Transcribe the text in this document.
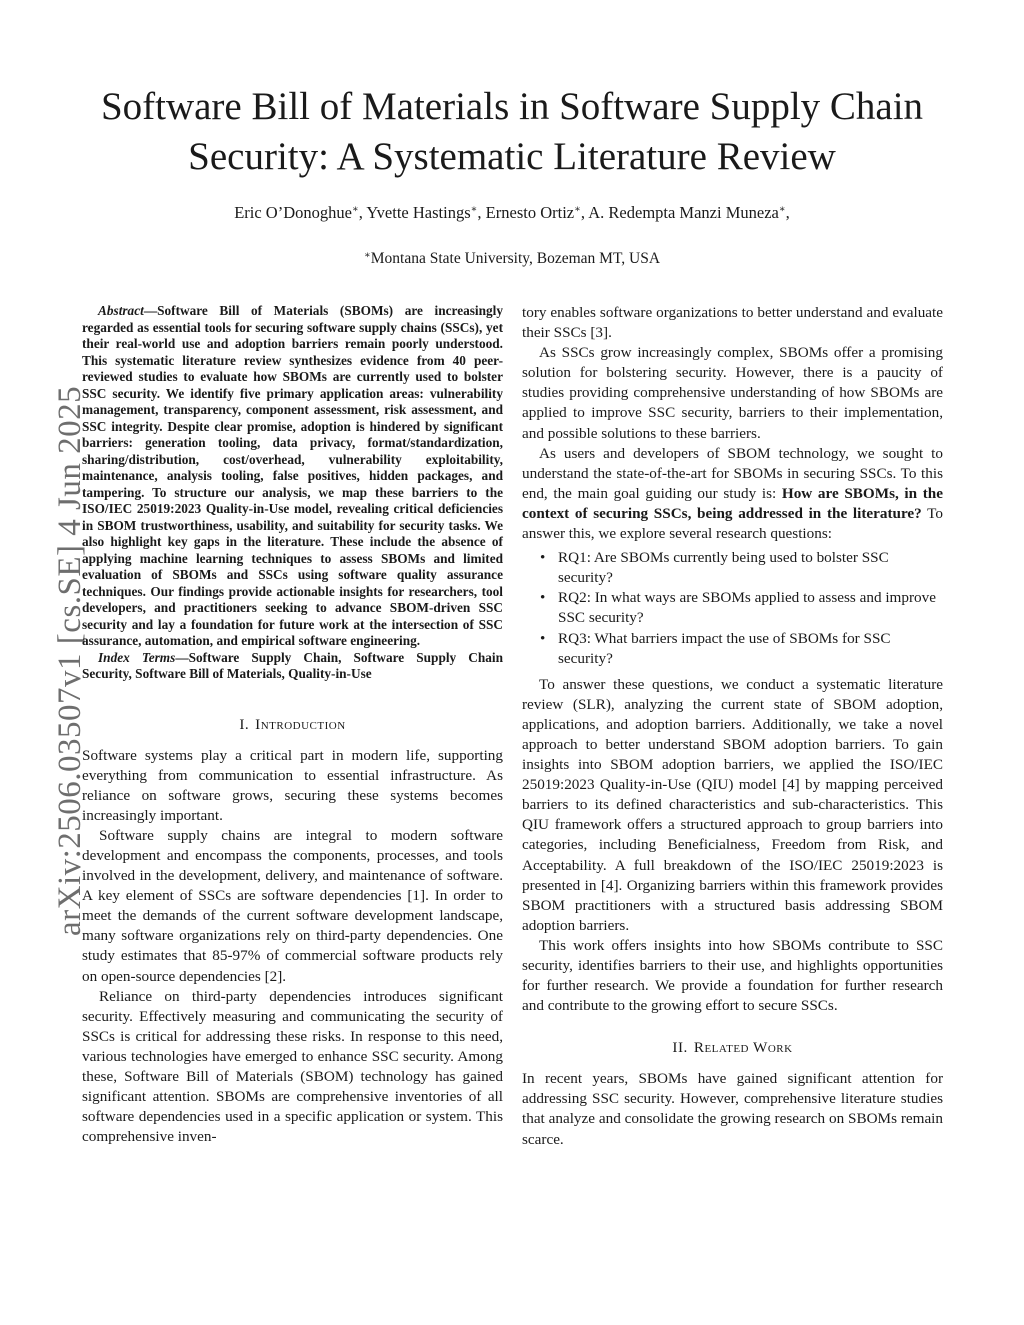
Software Bill of Materials in Software Supply Chain Security: A Systematic Literature Review
Eric O’Donoghue∗, Yvette Hastings∗, Ernesto Ortiz∗, A. Redempta Manzi Muneza∗,
∗Montana State University, Bozeman MT, USA
arXiv:2506.03507v1 [cs.SE] 4 Jun 2025

Abstract—Software Bill of Materials (SBOMs) are increasingly regarded as essential tools for securing software supply chains (SSCs), yet their real-world use and adoption barriers remain poorly understood. This systematic literature review synthesizes evidence from 40 peer-reviewed studies to evaluate how SBOMs are currently used to bolster SSC security. We identify five primary application areas: vulnerability management, transparency, component assessment, risk assessment, and SSC integrity. Despite clear promise, adoption is hindered by significant barriers: generation tooling, data privacy, format/standardization, sharing/distribution, cost/overhead, vulnerability exploitability, maintenance, analysis tooling, false positives, hidden packages, and tampering. To structure our analysis, we map these barriers to the ISO/IEC 25019:2023 Quality-in-Use model, revealing critical deficiencies in SBOM trustworthiness, usability, and suitability for security tasks. We also highlight key gaps in the literature. These include the absence of applying machine learning techniques to assess SBOMs and limited evaluation of SBOMs and SSCs using software quality assurance techniques. Our findings provide actionable insights for researchers, tool developers, and practitioners seeking to advance SBOM-driven SSC security and lay a foundation for future work at the intersection of SSC assurance, automation, and empirical software engineering.

Index Terms—Software Supply Chain, Software Supply Chain Security, Software Bill of Materials, Quality-in-Use

I. Introduction

Software systems play a critical part in modern life, supporting everything from communication to essential infrastructure. As reliance on software grows, securing these systems becomes increasingly important.

Software supply chains are integral to modern software development and encompass the components, processes, and tools involved in the development, delivery, and maintenance of software. A key element of SSCs are software dependencies [1]. In order to meet the demands of the current software development landscape, many software organizations rely on third-party dependencies. One study estimates that 85-97% of commercial software products rely on open-source dependencies [2].

Reliance on third-party dependencies introduces significant security. Effectively measuring and communicating the security of SSCs is critical for addressing these risks. In response to this need, various technologies have emerged to enhance SSC security. Among these, Software Bill of Materials (SBOM) technology has gained significant attention. SBOMs are comprehensive inventories of all software dependencies used in a specific application or system. This comprehensive inven-

tory enables software organizations to better understand and evaluate their SSCs [3].

As SSCs grow increasingly complex, SBOMs offer a promising solution for bolstering security. However, there is a paucity of studies providing comprehensive understanding of how SBOMs are applied to improve SSC security, barriers to their implementation, and possible solutions to these barriers.

As users and developers of SBOM technology, we sought to understand the state-of-the-art for SBOMs in securing SSCs. To this end, the main goal guiding our study is: How are SBOMs, in the context of securing SSCs, being addressed in the literature? To answer this, we explore several research questions:

• RQ1: Are SBOMs currently being used to bolster SSC security?
• RQ2: In what ways are SBOMs applied to assess and improve SSC security?
• RQ3: What barriers impact the use of SBOMs for SSC security?

To answer these questions, we conduct a systematic literature review (SLR), analyzing the current state of SBOM adoption, applications, and adoption barriers. Additionally, we take a novel approach to better understand SBOM adoption barriers. To gain insights into SBOM adoption barriers, we applied the ISO/IEC 25019:2023 Quality-in-Use (QIU) model [4] by mapping perceived barriers to its defined characteristics and sub-characteristics. This QIU framework offers a structured approach to group barriers into categories, including Beneficialness, Freedom from Risk, and Acceptability. A full breakdown of the ISO/IEC 25019:2023 is presented in [4]. Organizing barriers within this framework provides SBOM practitioners with a structured basis addressing SBOM adoption barriers.

This work offers insights into how SBOMs contribute to SSC security, identifies barriers to their use, and highlights opportunities for further research. We provide a foundation for further research and contribute to the growing effort to secure SSCs.

II. Related Work

In recent years, SBOMs have gained significant attention for addressing SSC security. However, comprehensive literature studies that analyze and consolidate the growing research on SBOMs remain scarce.
